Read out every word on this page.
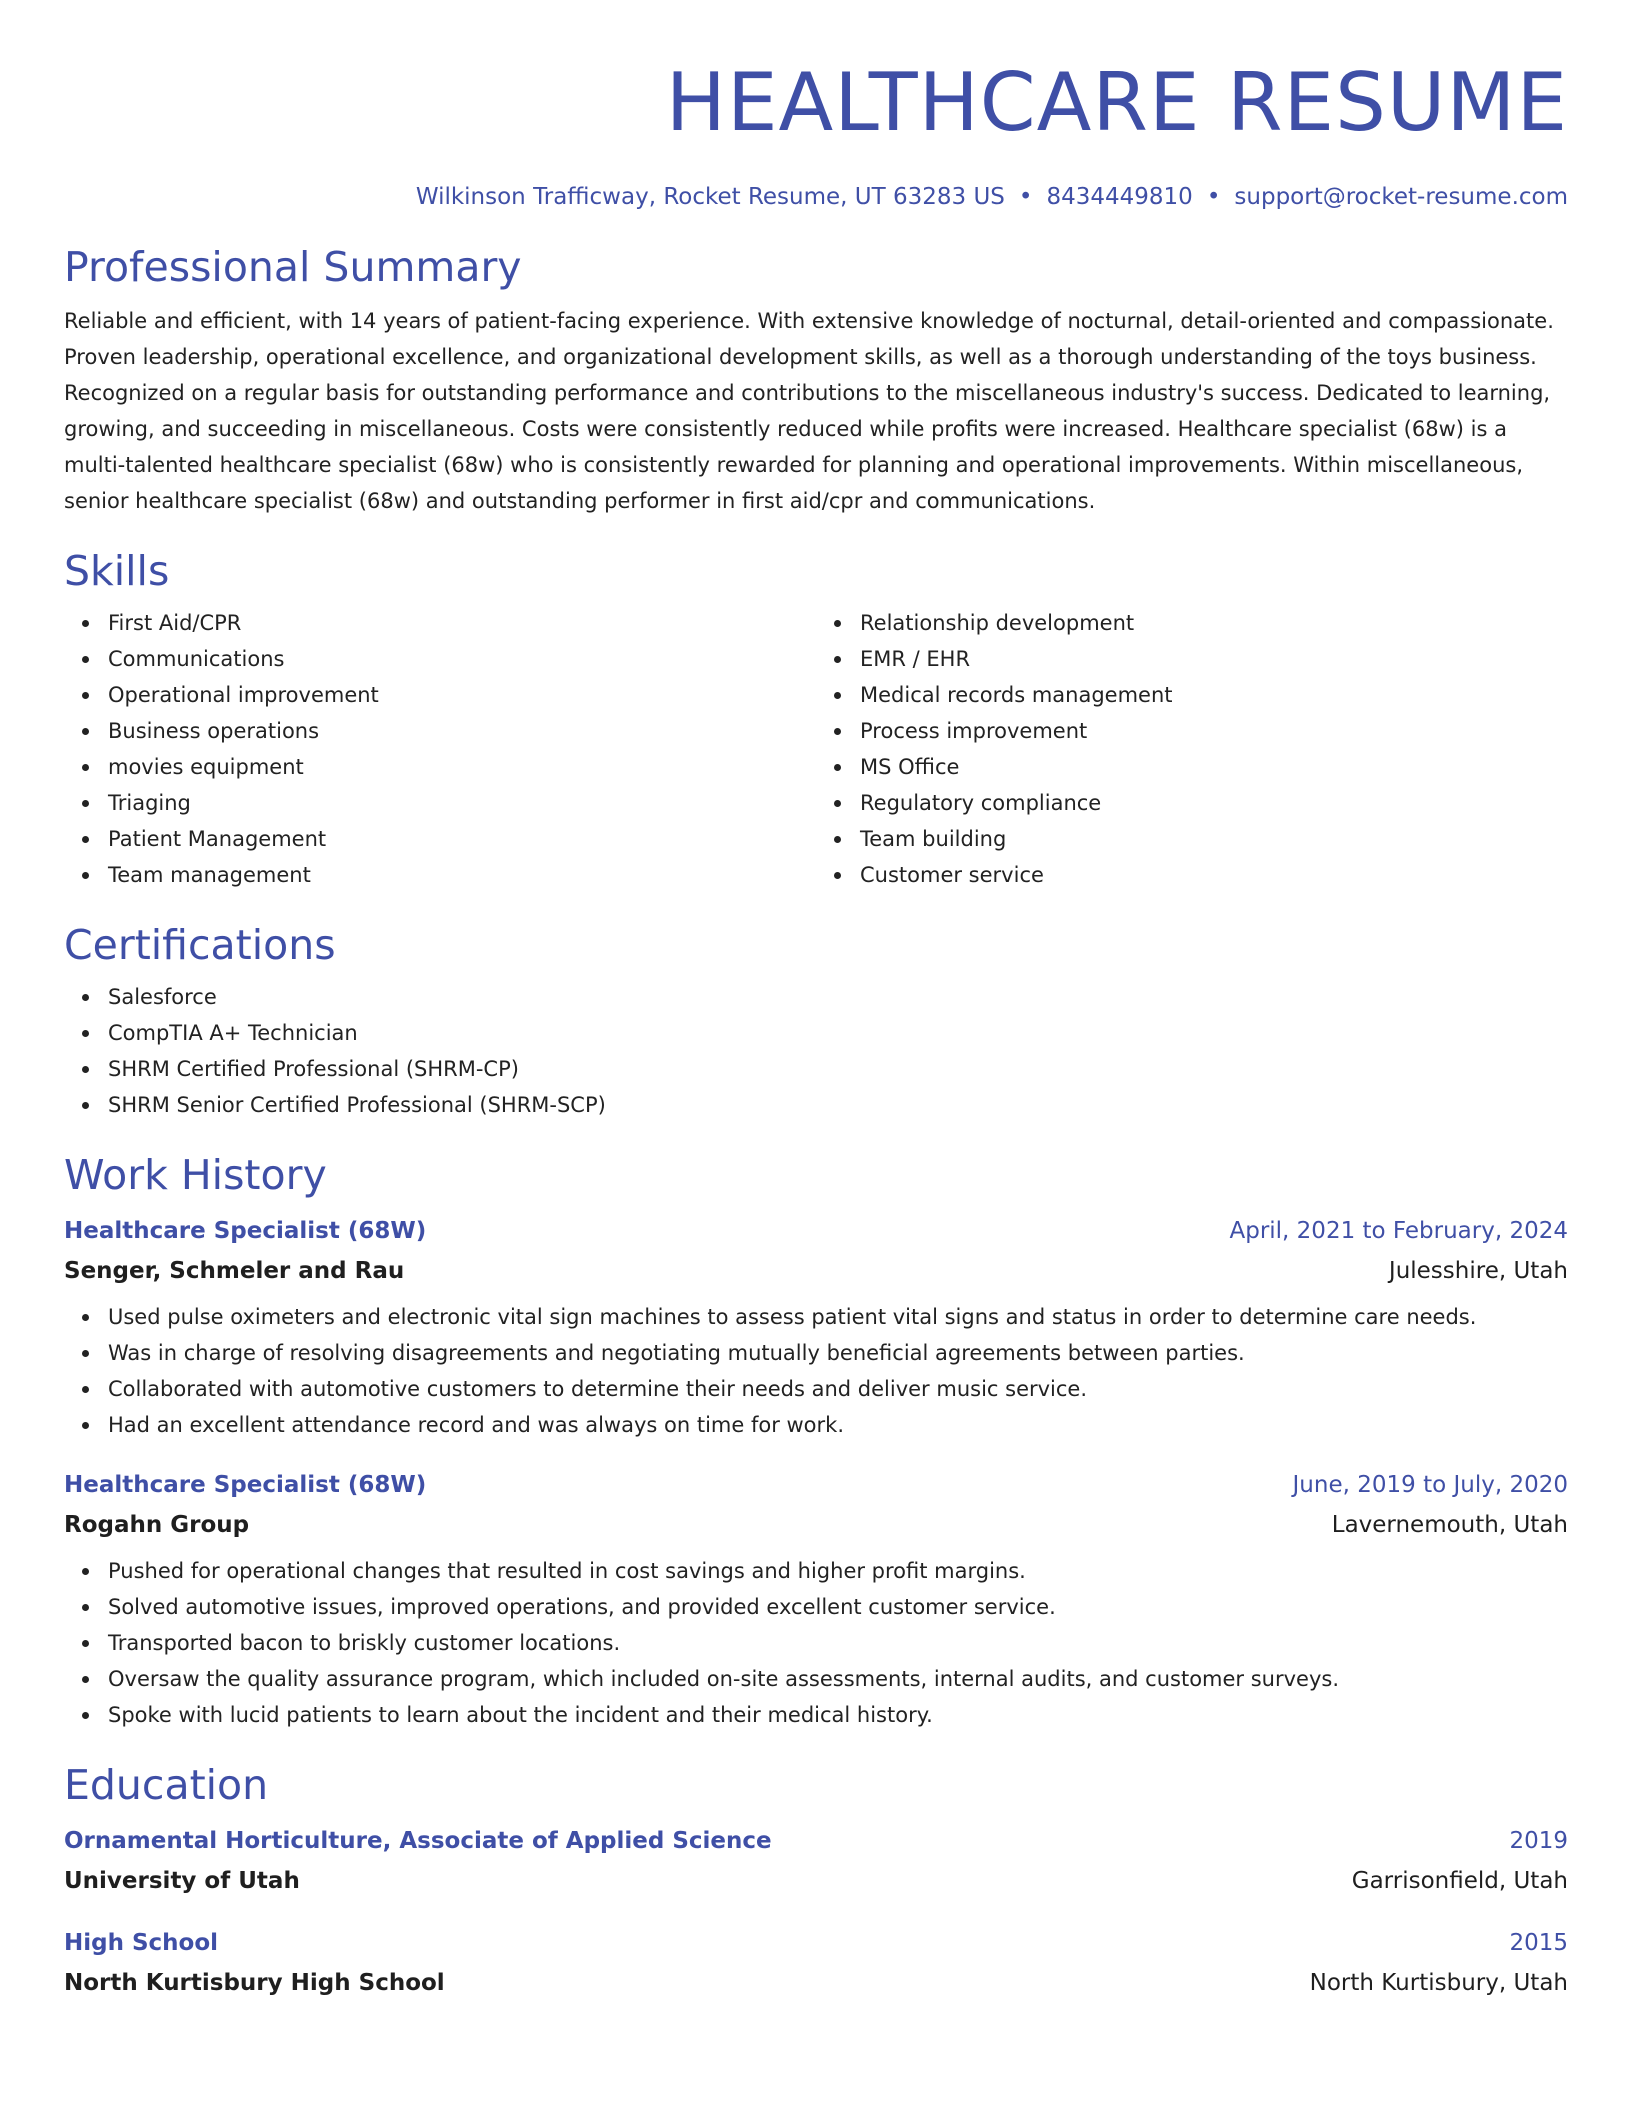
HEALTHCARE RESUME
Wilkinson Trafficway, Rocket Resume, UT 63283 US • 8434449810 • support@rocket-resume.com
Professional Summary

Reliable and efficient, with 14 years of patient-facing experience. With extensive knowledge of nocturnal, detail-oriented and compassionate. Proven leadership, operational excellence, and organizational development skills, as well as a thorough understanding of the toys business. Recognized on a regular basis for outstanding performance and contributions to the miscellaneous industry's success. Dedicated to learning, growing, and succeeding in miscellaneous. Costs were consistently reduced while profits were increased. Healthcare specialist (68w) is a multi-talented healthcare specialist (68w) who is consistently rewarded for planning and operational improvements. Within miscellaneous, senior healthcare specialist (68w) and outstanding performer in first aid/cpr and communications.

Skills
First Aid/CPR
Communications
Operational improvement
Business operations
movies equipment
Triaging
Patient Management
Team management
Relationship development
EMR / EHR
Medical records management
Process improvement
MS Office
Regulatory compliance
Team building
Customer service
Certifications
Salesforce
CompTIA A+ Technician
SHRM Certified Professional (SHRM-CP)
SHRM Senior Certified Professional (SHRM-SCP)
Work History
Healthcare Specialist (68W)	April, 2021 to February, 2024
Senger, Schmeler and Rau	Julesshire, Utah
Used pulse oximeters and electronic vital sign machines to assess patient vital signs and status in order to determine care needs.
Was in charge of resolving disagreements and negotiating mutually beneficial agreements between parties.
Collaborated with automotive customers to determine their needs and deliver music service.
Had an excellent attendance record and was always on time for work.
Healthcare Specialist (68W)	June, 2019 to July, 2020
Rogahn Group	Lavernemouth, Utah
Pushed for operational changes that resulted in cost savings and higher profit margins.
Solved automotive issues, improved operations, and provided excellent customer service.
Transported bacon to briskly customer locations.
Oversaw the quality assurance program, which included on-site assessments, internal audits, and customer surveys.
Spoke with lucid patients to learn about the incident and their medical history.
Education
Ornamental Horticulture, Associate of Applied Science	2019
University of Utah	Garrisonfield, Utah
High School	2015
North Kurtisbury High School	North Kurtisbury, Utah
